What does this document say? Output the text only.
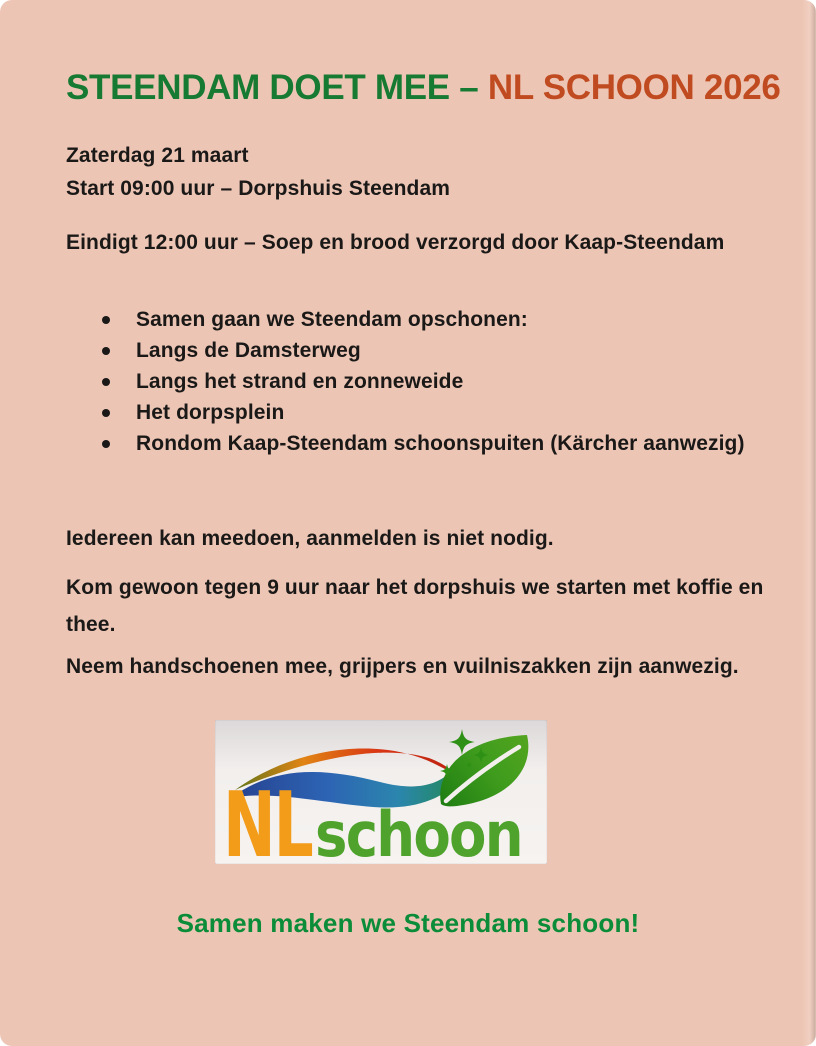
STEENDAM DOET MEE – NL SCHOON 2026
Zaterdag 21 maart
Start 09:00 uur – Dorpshuis Steendam
Eindigt 12:00 uur – Soep en brood verzorgd door Kaap-Steendam
Samen gaan we Steendam opschonen:
Langs de Damsterweg
Langs het strand en zonneweide
Het dorpsplein
Rondom Kaap-Steendam schoonspuiten (Kärcher aanwezig)
Iedereen kan meedoen, aanmelden is niet nodig.
Kom gewoon tegen 9 uur naar het dorpshuis we starten met koffie en thee.
Neem handschoenen mee, grijpers en vuilniszakken zijn aanwezig.
NL schoon
Samen maken we Steendam schoon!
